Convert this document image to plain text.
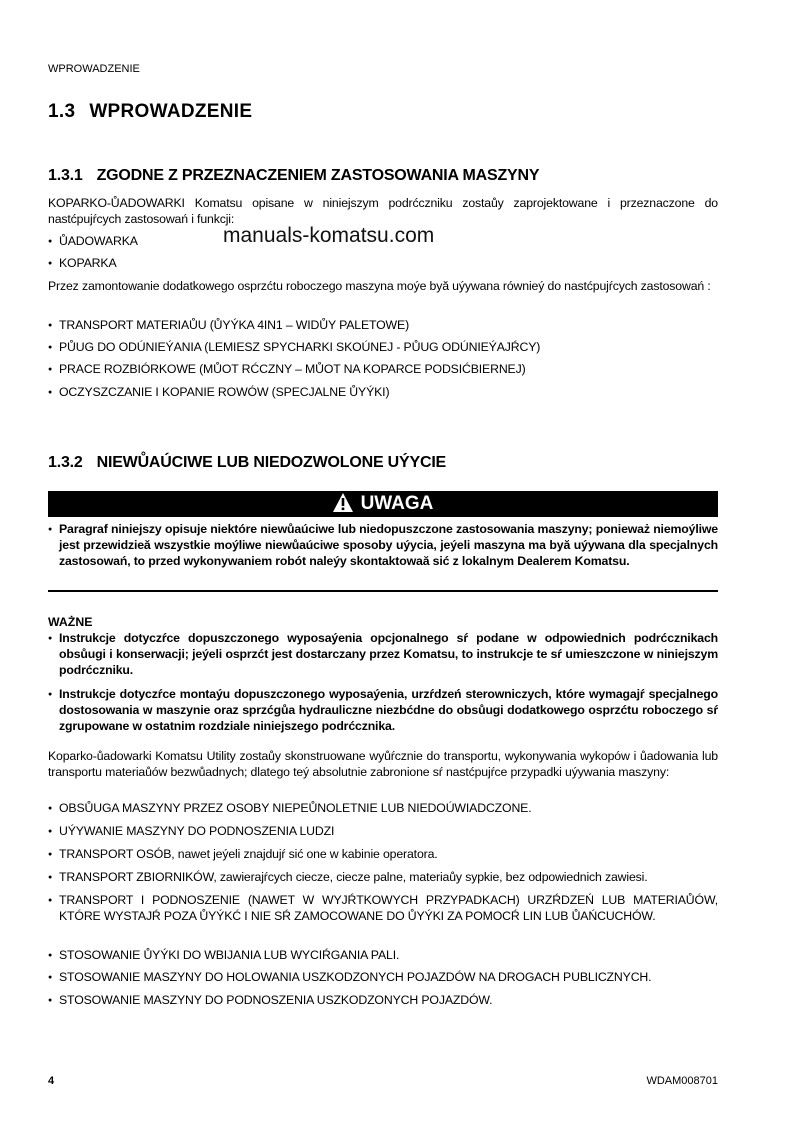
WPROWADZENIE
1.3 WPROWADZENIE
1.3.1 ZGODNE Z PRZEZNACZENIEM ZASTOSOWANIA MASZYNY
KOPARKO-ŮADOWARKI Komatsu opisane w niniejszym podrćczniku zostaůy zaprojektowane i przeznaczone do nastćpujŕcych zastosowań i funkcji:
● ŮADOWARKA
● KOPARKA
manuals-komatsu.com
Przez zamontowanie dodatkowego osprzćtu roboczego maszyna moýe byă uýywana równieý do nastćpujŕcych zastosowań :
● TRANSPORT MATERIAŮU (ŮYÝKA 4IN1 – WIDŮY PALETOWE)
● PŮUG DO ODÚNIEÝANIA (LEMIESZ SPYCHARKI SKOÚNEJ - PŮUG ODÚNIEÝAJŔCY)
● PRACE ROZBIÓRKOWE (MŮOT RĆCZNY – MŮOT NA KOPARCE PODSIĆBIERNEJ)
● OCZYSZCZANIE I KOPANIE ROWÓW (SPECJALNE ŮYÝKI)
1.3.2 NIEWŮAÚCIWE LUB NIEDOZWOLONE UÝYCIE
UWAGA
● Paragraf niniejszy opisuje niektóre niewůaúciwe lub niedopuszczone zastosowania maszyny; ponieważ niemoýliwe jest przewidzieă wszystkie moýliwe niewůaúciwe sposoby uýycia, jeýeli maszyna ma byă uýywana dla specjalnych zastosowań, to przed wykonywaniem robót naleýy skontaktowaă sić z lokalnym Dealerem Komatsu.
WAŻNE
● Instrukcje dotyczŕce dopuszczonego wyposaýenia opcjonalnego sŕ podane w odpowiednich podrćcznikach obsůugi i konserwacji; jeýeli osprzćt jest dostarczany przez Komatsu, to instrukcje te sŕ umieszczone w niniejszym podrćczniku.
● Instrukcje dotyczŕce montaýu dopuszczonego wyposaýenia, urzŕdzeń sterowniczych, które wymagajŕ specjalnego dostosowania w maszynie oraz sprzćgůa hydrauliczne niezbćdne do obsůugi dodatkowego osprzćtu roboczego sŕ zgrupowane w ostatnim rozdziale niniejszego podrćcznika.
Koparko-ůadowarki Komatsu Utility zostaůy skonstruowane wyůŕcznie do transportu, wykonywania wykopów i ůadowania lub transportu materiaůów bezwůadnych; dlatego teý absolutnie zabronione sŕ nastćpujŕce przypadki uýywania maszyny:
● OBSŮUGA MASZYNY PRZEZ OSOBY NIEPEŮNOLETNIE LUB NIEDOÚWIADCZONE.
● UÝYWANIE MASZYNY DO PODNOSZENIA LUDZI
● TRANSPORT OSÓB, nawet jeýeli znajdujŕ sić one w kabinie operatora.
● TRANSPORT ZBIORNIKÓW, zawierajŕcych ciecze, ciecze palne, materiaůy sypkie, bez odpowiednich zawiesi.
● TRANSPORT I PODNOSZENIE (NAWET W WYJŔTKOWYCH PRZYPADKACH) URZŔDZEŃ LUB MATERIAŮÓW, KTÓRE WYSTAJŔ POZA ŮYÝKĆ I NIE SŔ ZAMOCOWANE DO ŮYÝKI ZA POMOCŔ LIN LUB ŮAŃCUCHÓW.
● STOSOWANIE ŮYÝKI DO WBIJANIA LUB WYCIŔGANIA PALI.
● STOSOWANIE MASZYNY DO HOLOWANIA USZKODZONYCH POJAZDÓW NA DROGACH PUBLICZNYCH.
● STOSOWANIE MASZYNY DO PODNOSZENIA USZKODZONYCH POJAZDÓW.
4	WDAM008701
